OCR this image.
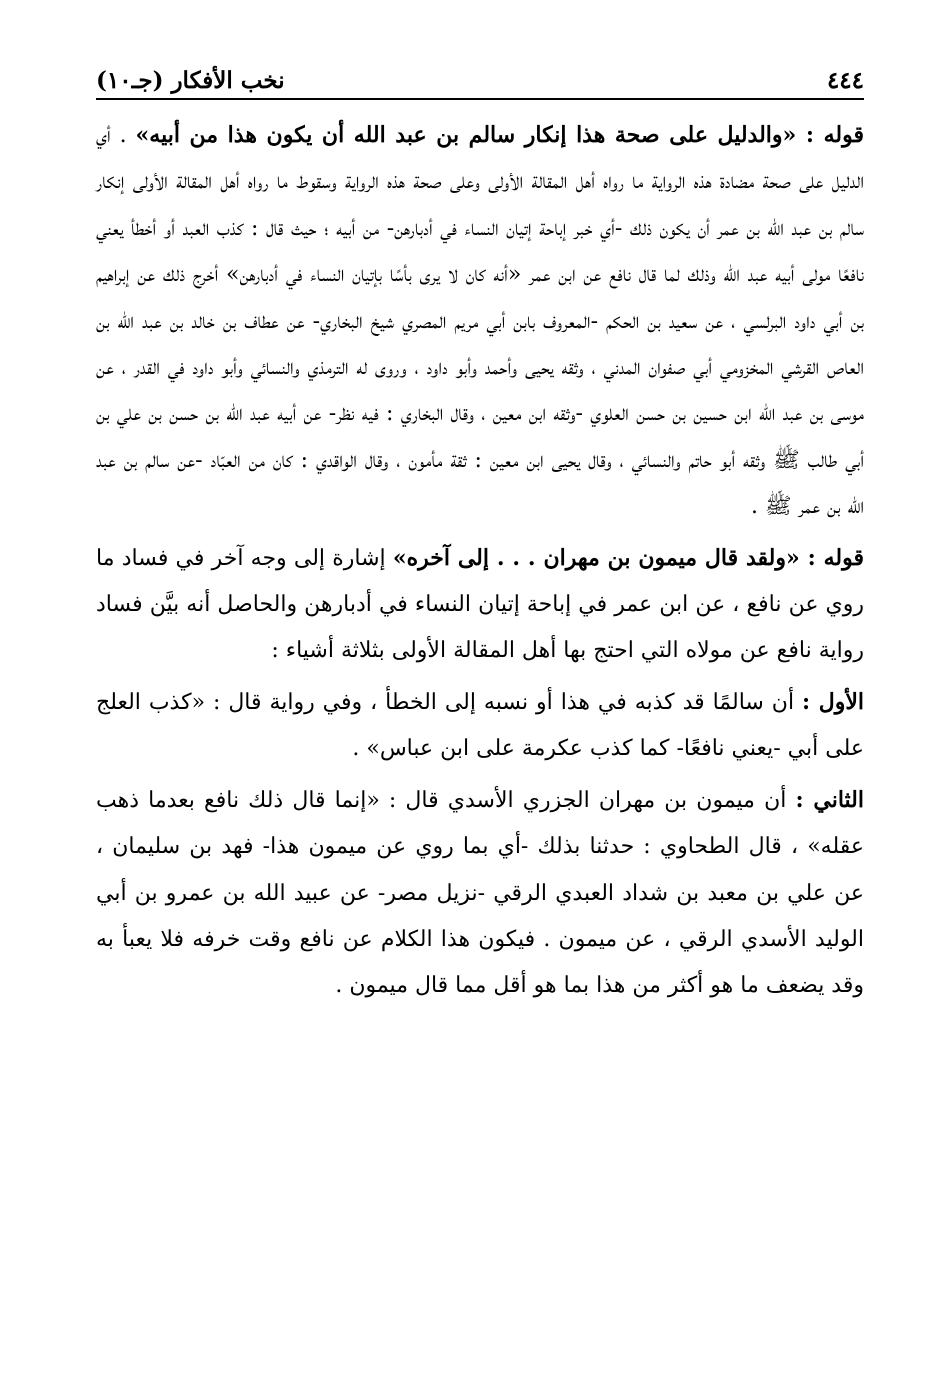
٤٤٤
نخب الأفكار (جـ١٠)

قوله : «والدليل على صحة هذا إنكار سالم بن عبد الله أن يكون هذا من أبيه» . أي الدليل على صحة مضادة هذه الرواية ما رواه أهل المقالة الأولى وعلى صحة هذه الرواية وسقوط ما رواه أهل المقالة الأولى إنكار سالم بن عبد الله بن عمر أن يكون ذلك -أي خبر إباحة إتيان النساء في أدبارهن- من أبيه ؛ حيث قال : كذب العبد أو أخطأ يعني نافعًا مولى أبيه عبد الله وذلك لما قال نافع عن ابن عمر «أنه كان لا يرى بأسًا بإتيان النساء في أدبارهن» أخرج ذلك عن إبراهيم بن أبي داود البرلسي ، عن سعيد بن الحكم -المعروف بابن أبي مريم المصري شيخ البخاري- عن عطاف بن خالد بن عبد الله بن العاص القرشي المخزومي أبي صفوان المدني ، وثقه يحيى وأحمد وأبو داود ، وروى له الترمذي والنسائي وأبو داود في القدر ، عن موسى بن عبد الله ابن حسين بن حسن العلوي -وثقه ابن معين ، وقال البخاري : فيه نظر- عن أبيه عبد الله بن حسن بن علي بن أبي طالب ﷺ وثقه أبو حاتم والنسائي ، وقال يحيى ابن معين : ثقة مأمون ، وقال الواقدي : كان من العبّاد -عن سالم بن عبد الله بن عمر ﷺ .

قوله : «ولقد قال ميمون بن مهران . . . إلى آخره» إشارة إلى وجه آخر في فساد ما روي عن نافع ، عن ابن عمر في إباحة إتيان النساء في أدبارهن والحاصل أنه بيَّن فساد رواية نافع عن مولاه التي احتج بها أهل المقالة الأولى بثلاثة أشياء :

الأول : أن سالمًا قد كذبه في هذا أو نسبه إلى الخطأ ، وفي رواية قال : «كذب العلج على أبي -يعني نافعًا- كما كذب عكرمة على ابن عباس» .

الثاني : أن ميمون بن مهران الجزري الأسدي قال : «إنما قال ذلك نافع بعدما ذهب عقله» ، قال الطحاوي : حدثنا بذلك -أي بما روي عن ميمون هذا- فهد بن سليمان ، عن علي بن معبد بن شداد العبدي الرقي -نزيل مصر- عن عبيد الله بن عمرو بن أبي الوليد الأسدي الرقي ، عن ميمون . فيكون هذا الكلام عن نافع وقت خرفه فلا يعبأ به وقد يضعف ما هو أكثر من هذا بما هو أقل مما قال ميمون .
